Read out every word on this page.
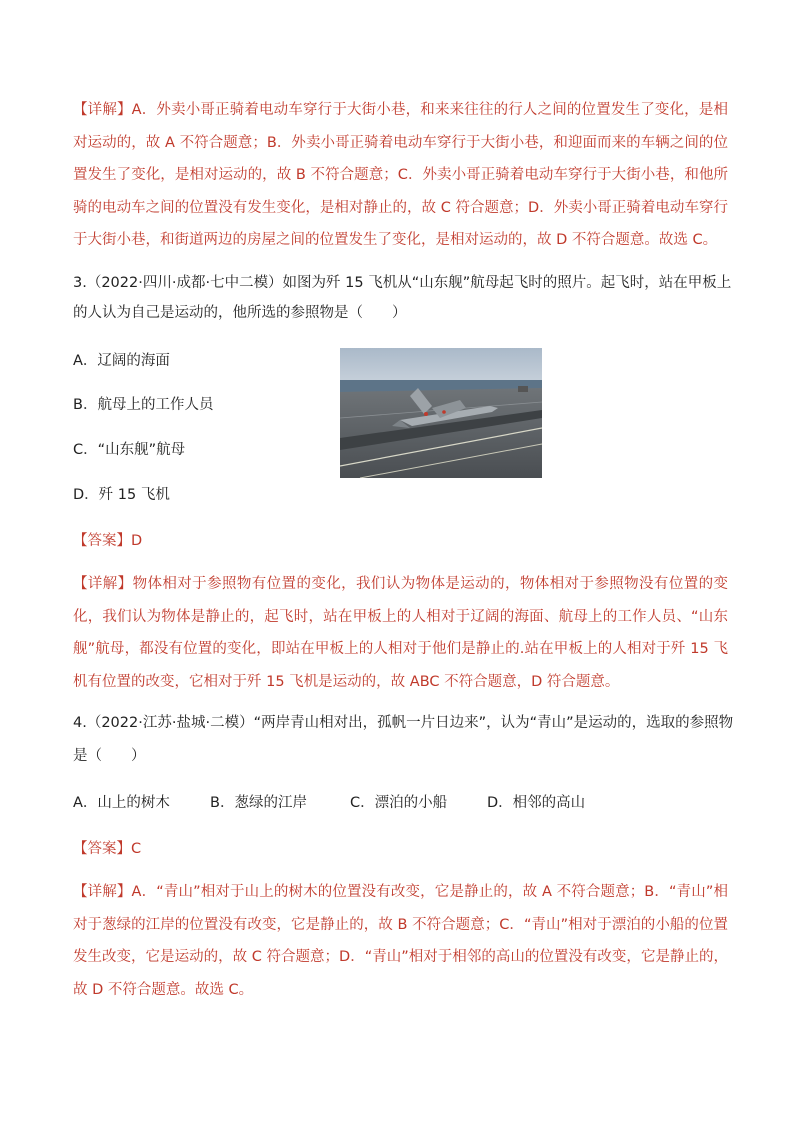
【详解】A．外卖小哥正骑着电动车穿行于大街小巷，和来来往往的行人之间的位置发生了变化，是相对运动的，故 A 不符合题意；B．外卖小哥正骑着电动车穿行于大街小巷，和迎面而来的车辆之间的位置发生了变化，是相对运动的，故 B 不符合题意；C．外卖小哥正骑着电动车穿行于大街小巷，和他所骑的电动车之间的位置没有发生变化，是相对静止的，故 C 符合题意；D．外卖小哥正骑着电动车穿行于大街小巷，和街道两边的房屋之间的位置发生了变化，是相对运动的，故 D 不符合题意。故选 C。
3.（2022·四川·成都·七中二模）如图为歼 15 飞机从“山东舰”航母起飞时的照片。起飞时，站在甲板上
的人认为自己是运动的，他所选的参照物是（　　）
A．辽阔的海面
B．航母上的工作人员
C．“山东舰”航母
D．歼 15 飞机
【答案】D
【详解】物体相对于参照物有位置的变化，我们认为物体是运动的，物体相对于参照物没有位置的变化，我们认为物体是静止的，起飞时，站在甲板上的人相对于辽阔的海面、航母上的工作人员、“山东舰”航母，都没有位置的变化，即站在甲板上的人相对于他们是静止的.站在甲板上的人相对于歼 15 飞机有位置的改变，它相对于歼 15 飞机是运动的，故 ABC 不符合题意，D 符合题意。
4.（2022·江苏·盐城·二模）“两岸青山相对出，孤帆一片日边来”，认为“青山”是运动的，选取的参照物
是（　　）
A．山上的树木	B．葱绿的江岸	C．漂泊的小船	D．相邻的高山
【答案】C
【详解】A．“青山”相对于山上的树木的位置没有改变，它是静止的，故 A 不符合题意；B．“青山”相对于葱绿的江岸的位置没有改变，它是静止的，故 B 不符合题意；C．“青山”相对于漂泊的小船的位置发生改变，它是运动的，故 C 符合题意；D．“青山”相对于相邻的高山的位置没有改变，它是静止的，故 D 不符合题意。故选 C。
